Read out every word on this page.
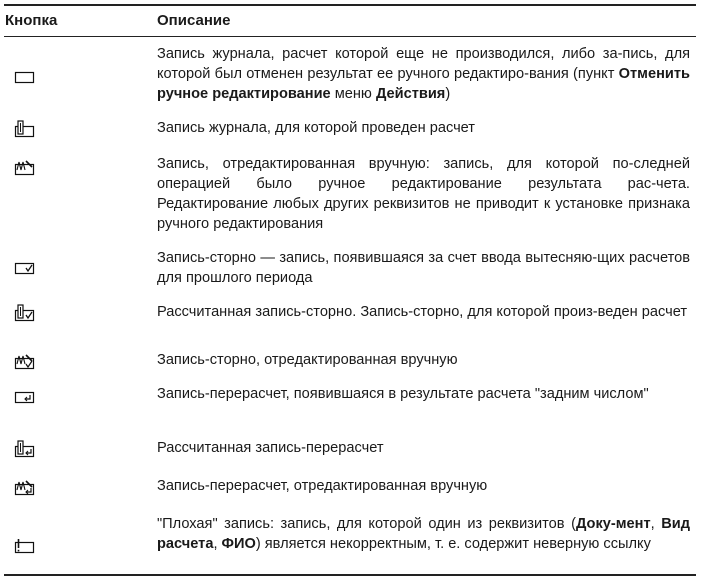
Кнопка	Описание
Запись журнала, расчет которой еще не производился, либо за-пись, для которой был отменен результат ее ручного редактиро-вания (пункт Отменить ручное редактирование меню Действия)
Запись журнала, для которой проведен расчет
Запись, отредактированная вручную: запись, для которой по-следней операцией было ручное редактирование результата рас-чета. Редактирование любых других реквизитов не приводит к установке признака ручного редактирования
Запись-сторно — запись, появившаяся за счет ввода вытесняю-щих расчетов для прошлого периода
Рассчитанная запись-сторно. Запись-сторно, для которой произ-веден расчет
Запись-сторно, отредактированная вручную
Запись-перерасчет, появившаяся в результате расчета "задним числом"
Рассчитанная запись-перерасчет
Запись-перерасчет, отредактированная вручную
"Плохая" запись: запись, для которой один из реквизитов (Доку-мент, Вид расчета, ФИО) является некорректным, т. е. содержит неверную ссылку
